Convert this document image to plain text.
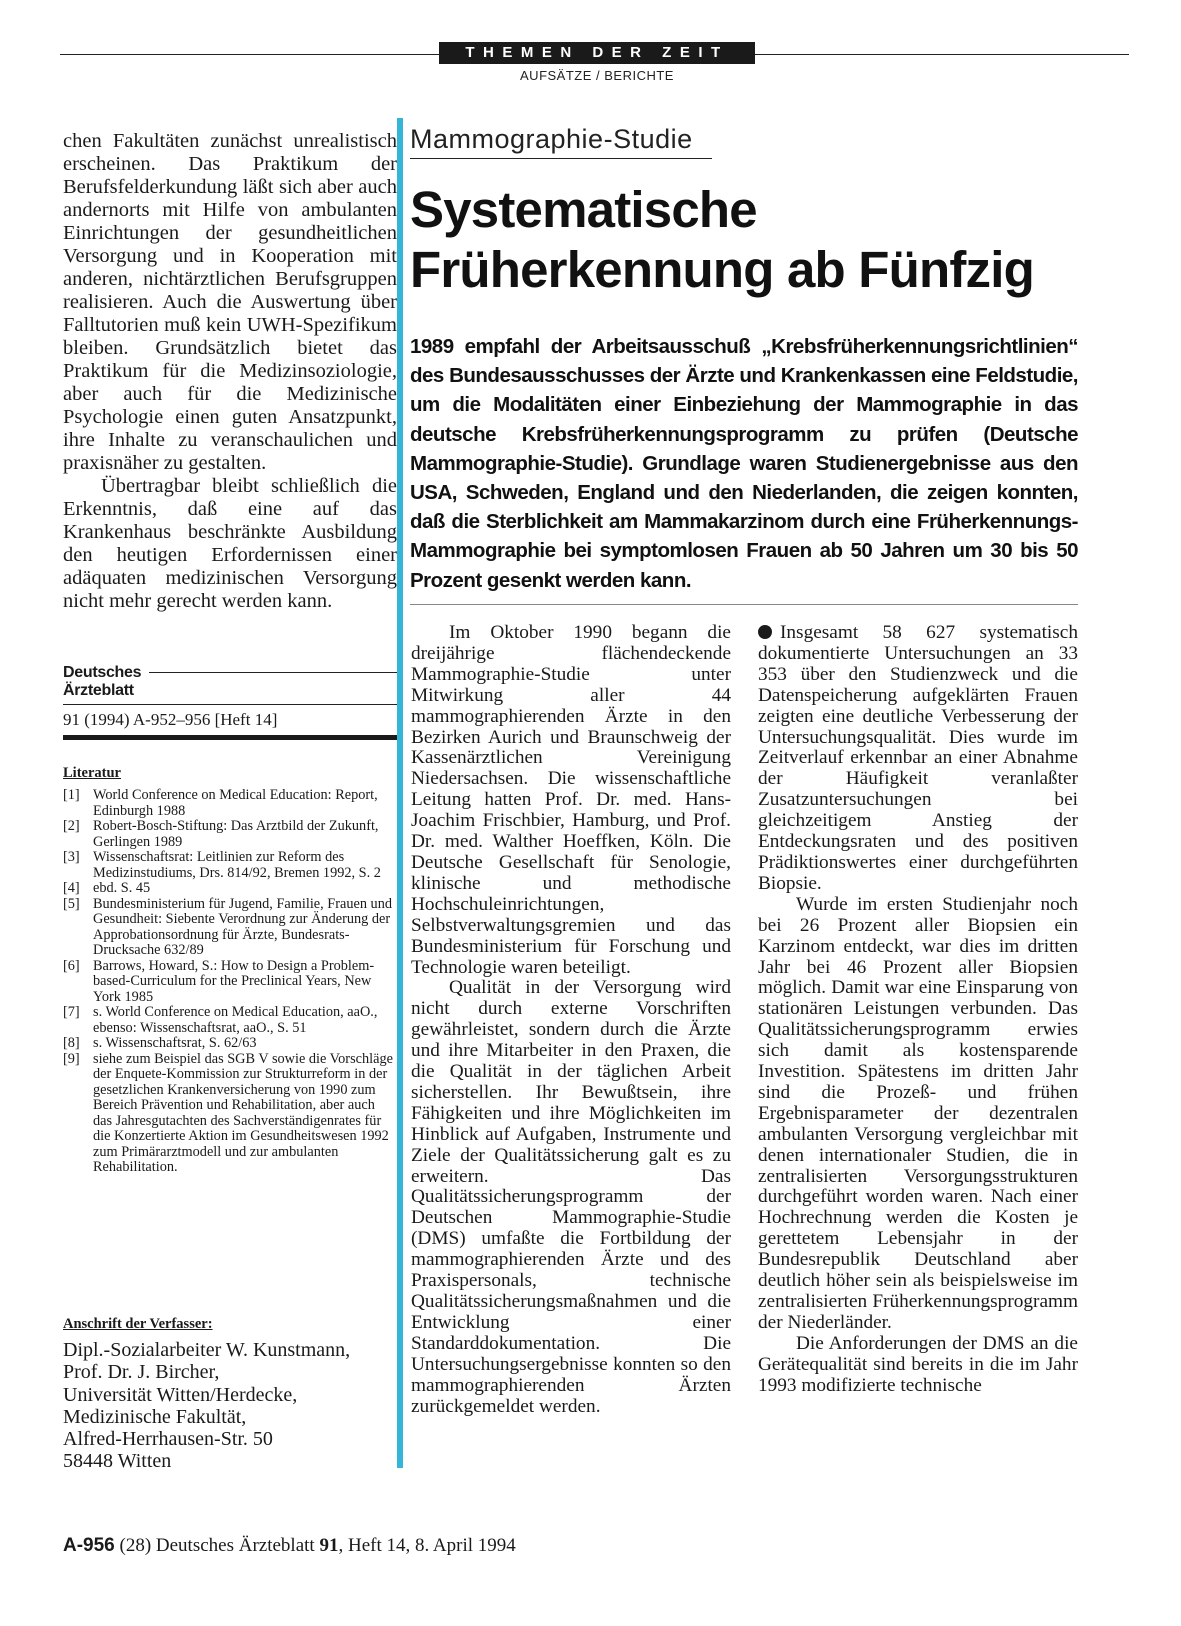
THEMEN DER ZEIT
AUFSÄTZE / BERICHTE

chen Fakultäten zunächst unrealistisch erscheinen. Das Praktikum der Berufsfelderkundung läßt sich aber auch andernorts mit Hilfe von ambulanten Einrichtungen der gesundheitlichen Versorgung und in Kooperation mit anderen, nichtärztlichen Berufsgruppen realisieren. Auch die Auswertung über Falltutorien muß kein UWH-Spezifikum bleiben. Grundsätzlich bietet das Praktikum für die Medizinsoziologie, aber auch für die Medizinische Psychologie einen guten Ansatzpunkt, ihre Inhalte zu veranschaulichen und praxisnäher zu gestalten.

Übertragbar bleibt schließlich die Erkenntnis, daß eine auf das Krankenhaus beschränkte Ausbildung den heutigen Erfordernissen einer adäquaten medizinischen Versorgung nicht mehr gerecht werden kann.

Deutsches
Ärzteblatt
91 (1994) A-952–956 [Heft 14]
Literatur
[1] World Conference on Medical Education: Report, Edinburgh 1988
[2] Robert-Bosch-Stiftung: Das Arztbild der Zukunft, Gerlingen 1989
[3] Wissenschaftsrat: Leitlinien zur Reform des Medizinstudiums, Drs. 814/92, Bremen 1992, S. 2
[4] ebd. S. 45
[5] Bundesministerium für Jugend, Familie, Frauen und Gesundheit: Siebente Verordnung zur Änderung der Approbationsordnung für Ärzte, Bundesrats-Drucksache 632/89
[6] Barrows, Howard, S.: How to Design a Problem-based-Curriculum for the Preclinical Years, New York 1985
[7] s. World Conference on Medical Education, aaO., ebenso: Wissenschaftsrat, aaO., S. 51
[8] s. Wissenschaftsrat, S. 62/63
[9] siehe zum Beispiel das SGB V sowie die Vorschläge der Enquete-Kommission zur Strukturreform in der gesetzlichen Krankenversicherung von 1990 zum Bereich Prävention und Rehabilitation, aber auch das Jahresgutachten des Sachverständigenrates für die Konzertierte Aktion im Gesundheitswesen 1992 zum Primärarztmodell und zur ambulanten Rehabilitation.
Anschrift der Verfasser:
Dipl.-Sozialarbeiter W. Kunstmann,
Prof. Dr. J. Bircher,
Universität Witten/Herdecke,
Medizinische Fakultät,
Alfred-Herrhausen-Str. 50
58448 Witten
Mammographie-Studie
Systematische
Früherkennung ab Fünfzig
1989 empfahl der Arbeitsausschuß „Krebsfrüherkennungsrichtlinien“ des Bundesausschusses der Ärzte und Krankenkassen eine Feldstudie, um die Modalitäten einer Einbeziehung der Mammographie in das deutsche Krebsfrüherkennungsprogramm zu prüfen (Deutsche Mammographie-Studie). Grundlage waren Studienergebnisse aus den USA, Schweden, England und den Niederlanden, die zeigen konnten, daß die Sterblichkeit am Mammakarzinom durch eine Früherkennungs-Mammographie bei symptomlosen Frauen ab 50 Jahren um 30 bis 50 Prozent gesenkt werden kann.

Im Oktober 1990 begann die dreijährige flächendeckende Mammographie-Studie unter Mitwirkung aller 44 mammographierenden Ärzte in den Bezirken Aurich und Braunschweig der Kassenärztlichen Vereinigung Niedersachsen. Die wissenschaftliche Leitung hatten Prof. Dr. med. Hans-Joachim Frischbier, Hamburg, und Prof. Dr. med. Walther Hoeffken, Köln. Die Deutsche Gesellschaft für Senologie, klinische und methodische Hochschuleinrichtungen, Selbstverwaltungsgremien und das Bundesministerium für Forschung und Technologie waren beteiligt.

Qualität in der Versorgung wird nicht durch externe Vorschriften gewährleistet, sondern durch die Ärzte und ihre Mitarbeiter in den Praxen, die die Qualität in der täglichen Arbeit sicherstellen. Ihr Bewußtsein, ihre Fähigkeiten und ihre Möglichkeiten im Hinblick auf Aufgaben, Instrumente und Ziele der Qualitätssicherung galt es zu erweitern. Das Qualitätssicherungsprogramm der Deutschen Mammographie-Studie (DMS) umfaßte die Fortbildung der mammographierenden Ärzte und des Praxispersonals, technische Qualitätssicherungsmaßnahmen und die Entwicklung einer Standarddokumentation. Die Untersuchungsergebnisse konnten so den mammographierenden Ärzten zurückgemeldet werden.

Insgesamt 58 627 systematisch dokumentierte Untersuchungen an 33 353 über den Studienzweck und die Datenspeicherung aufgeklärten Frauen zeigten eine deutliche Verbesserung der Untersuchungsqualität. Dies wurde im Zeitverlauf erkennbar an einer Abnahme der Häufigkeit veranlaßter Zusatzuntersuchungen bei gleichzeitigem Anstieg der Entdeckungsraten und des positiven Prädiktionswertes einer durchgeführten Biopsie.

Wurde im ersten Studienjahr noch bei 26 Prozent aller Biopsien ein Karzinom entdeckt, war dies im dritten Jahr bei 46 Prozent aller Biopsien möglich. Damit war eine Einsparung von stationären Leistungen verbunden. Das Qualitätssicherungsprogramm erwies sich damit als kostensparende Investition. Spätestens im dritten Jahr sind die Prozeß- und frühen Ergebnisparameter der dezentralen ambulanten Versorgung vergleichbar mit denen internationaler Studien, die in zentralisierten Versorgungsstrukturen durchgeführt worden waren. Nach einer Hochrechnung werden die Kosten je gerettetem Lebensjahr in der Bundesrepublik Deutschland aber deutlich höher sein als beispielsweise im zentralisierten Früherkennungsprogramm der Niederländer.

Die Anforderungen der DMS an die Gerätequalität sind bereits in die im Jahr 1993 modifizierte technische

A-956 (28) Deutsches Ärzteblatt 91, Heft 14, 8. April 1994
